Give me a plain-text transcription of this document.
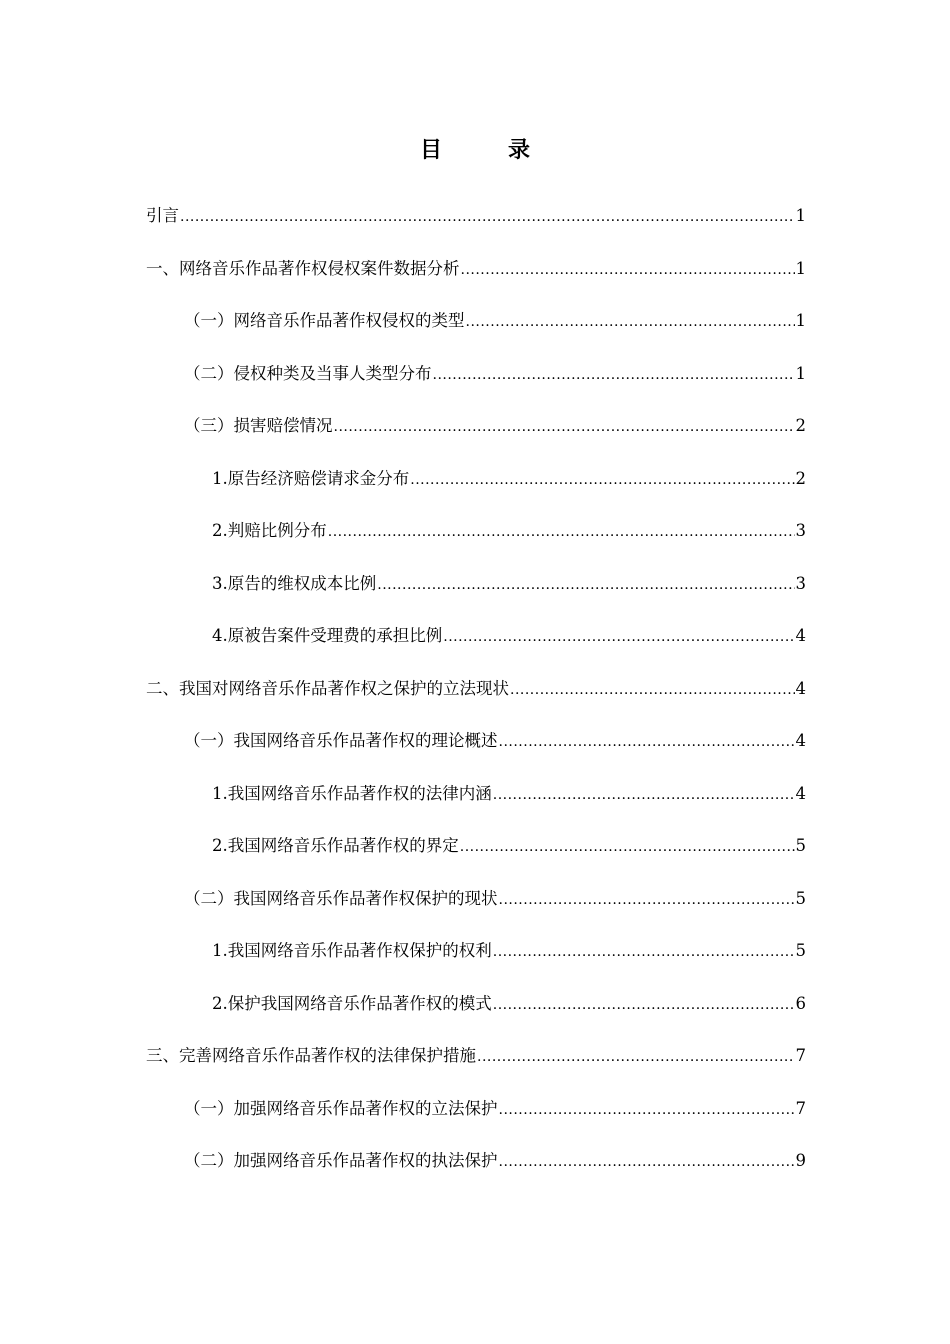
目　录
引言 .....	1
一、网络音乐作品著作权侵权案件数据分析 .....	1
（一）网络音乐作品著作权侵权的类型 .....	1
（二）侵权种类及当事人类型分布 .....	1
（三）损害赔偿情况 .....	2
1.原告经济赔偿请求金分布 .....	2
2.判赔比例分布 .....	3
3.原告的维权成本比例 .....	3
4.原被告案件受理费的承担比例 .....	4
二、我国对网络音乐作品著作权之保护的立法现状 .....	4
（一）我国网络音乐作品著作权的理论概述 .....	4
1.我国网络音乐作品著作权的法律内涵 .....	4
2.我国网络音乐作品著作权的界定 .....	5
（二）我国网络音乐作品著作权保护的现状 .....	5
1.我国网络音乐作品著作权保护的权利 .....	5
2.保护我国网络音乐作品著作权的模式 .....	6
三、完善网络音乐作品著作权的法律保护措施 .....	7
（一）加强网络音乐作品著作权的立法保护 .....	7
（二）加强网络音乐作品著作权的执法保护 .....	9
